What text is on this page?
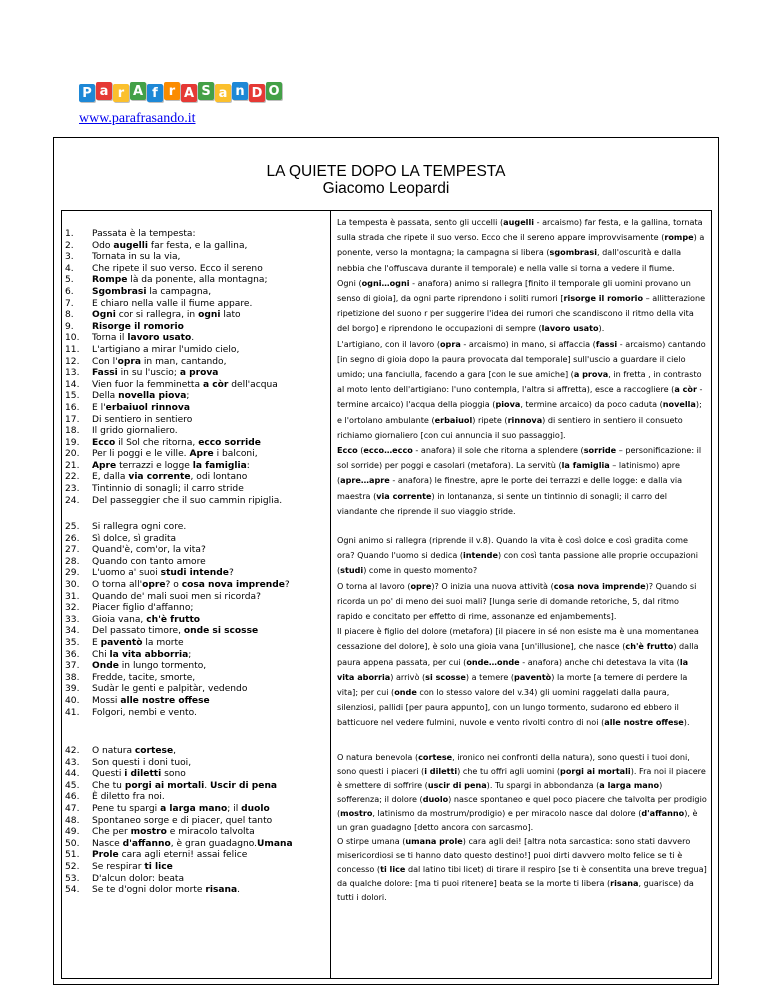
P a r A f r A S a n D O
www.parafrasando.it
LA QUIETE DOPO LA TEMPESTA
Giacomo Leopardi
1.	Passata è la tempesta:
2.	Odo augelli far festa, e la gallina,
3.	Tornata in su la via,
4.	Che ripete il suo verso. Ecco il sereno
5.	Rompe là da ponente, alla montagna;
6.	Sgombrasi la campagna,
7.	E chiaro nella valle il fiume appare.
8.	Ogni cor si rallegra, in ogni lato
9.	Risorge il romorio
10.	Torna il lavoro usato.
11.	L'artigiano a mirar l'umido cielo,
12.	Con l'opra in man, cantando,
13.	Fassi in su l'uscio; a prova
14.	Vien fuor la femminetta a còr dell'acqua
15.	Della novella piova;
16.	E l'erbaiuol rinnova
17.	Di sentiero in sentiero
18.	Il grido giornaliero.
19.	Ecco il Sol che ritorna, ecco sorride
20.	Per li poggi e le ville. Apre i balconi,
21.	Apre terrazzi e logge la famiglia:
22.	E, dalla via corrente, odi lontano
23.	Tintinnio di sonagli; il carro stride
24.	Del passeggier che il suo cammin ripiglia.

La tempesta è passata, sento gli uccelli (augelli - arcaismo) far festa, e la gallina, tornata sulla strada che ripete il suo verso. Ecco che il sereno appare improvvisamente (rompe) a ponente, verso la montagna; la campagna si libera (sgombrasi, dall'oscurità e dalla nebbia che l'offuscava durante il temporale) e nella valle si torna a vedere il fiume.

Ogni (ogni…ogni - anafora) animo si rallegra [finito il temporale gli uomini provano un senso di gioia], da ogni parte riprendono i soliti rumori [risorge il romorio – allitterazione ripetizione del suono r per suggerire l'idea dei rumori che scandiscono il ritmo della vita del borgo] e riprendono le occupazioni di sempre (lavoro usato).

L'artigiano, con il lavoro (opra - arcaismo) in mano, si affaccia (fassi - arcaismo) cantando [in segno di gioia dopo la paura provocata dal temporale] sull'uscio a guardare il cielo umido; una fanciulla, facendo a gara [con le sue amiche] (a prova, in fretta , in contrasto al moto lento dell'artigiano: l'uno contempla, l'altra si affretta), esce a raccogliere (a còr - termine arcaico) l'acqua della pioggia (piova, termine arcaico) da poco caduta (novella); e l'ortolano ambulante (erbaiuol) ripete (rinnova) di sentiero in sentiero il consueto richiamo giornaliero [con cui annuncia il suo passaggio].

Ecco (ecco…ecco - anafora) il sole che ritorna a splendere (sorride – personificazione: il sol sorride) per poggi e casolari (metafora). La servitù (la famiglia – latinismo) apre (apre…apre - anafora) le finestre, apre le porte dei terrazzi e delle logge: e dalla via maestra (via corrente) in lontananza, si sente un tintinnio di sonagli; il carro del viandante che riprende il suo viaggio stride.

25.	Si rallegra ogni core.
26.	Sì dolce, sì gradita
27.	Quand'è, com'or, la vita?
28.	Quando con tanto amore
29.	L'uomo a' suoi studi intende?
30.	O torna all'opre? o cosa nova imprende?
31.	Quando de' mali suoi men si ricorda?
32.	Piacer figlio d'affanno;
33.	Gioia vana, ch'è frutto
34.	Del passato timore, onde si scosse
35.	E paventò la morte
36.	Chi la vita abborria;
37.	Onde in lungo tormento,
38.	Fredde, tacite, smorte,
39.	Sudàr le genti e palpitàr, vedendo
40.	Mossi alle nostre offese
41.	Folgori, nembi e vento.

Ogni animo si rallegra (riprende il v.8). Quando la vita è così dolce e così gradita come ora? Quando l'uomo si dedica (intende) con così tanta passione alle proprie occupazioni (studi) come in questo momento?

O torna al lavoro (opre)? O inizia una nuova attività (cosa nova imprende)? Quando si ricorda un po' di meno dei suoi mali? [lunga serie di domande retoriche, 5, dal ritmo rapido e concitato per effetto di rime, assonanze ed enjambements].

Il piacere è figlio del dolore (metafora) [il piacere in sé non esiste ma è una momentanea cessazione del dolore], è solo una gioia vana [un'illusione], che nasce (ch'è frutto) dalla paura appena passata, per cui (onde…onde - anafora) anche chi detestava la vita (la vita aborria) arrivò (si scosse) a temere (paventò) la morte [a temere di perdere la vita]; per cui (onde con lo stesso valore del v.34) gli uomini raggelati dalla paura, silenziosi, pallidi [per paura appunto], con un lungo tormento, sudarono ed ebbero il batticuore nel vedere fulmini, nuvole e vento rivolti contro di noi (alle nostre offese).

42.	O natura cortese,
43.	Son questi i doni tuoi,
44.	Questi i diletti sono
45.	Che tu porgi ai mortali. Uscir di pena
46.	È diletto fra noi.
47.	Pene tu spargi a larga mano; il duolo
48.	Spontaneo sorge e di piacer, quel tanto
49.	Che per mostro e miracolo talvolta
50.	Nasce d'affanno, è gran guadagno.Umana
51.	Prole cara agli eterni! assai felice
52.	Se respirar ti lice
53.	D'alcun dolor: beata
54.	Se te d'ogni dolor morte risana.

O natura benevola (cortese, ironico nei confronti della natura), sono questi i tuoi doni, sono questi i piaceri (i diletti) che tu offri agli uomini (porgi ai mortali). Fra noi il piacere è smettere di soffrire (uscir di pena). Tu spargi in abbondanza (a larga mano) sofferenza; il dolore (duolo) nasce spontaneo e quel poco piacere che talvolta per prodigio (mostro, latinismo da mostrum/prodigio) e per miracolo nasce dal dolore (d'affanno), è un gran guadagno [detto ancora con sarcasmo].

O stirpe umana (umana prole) cara agli dei! [altra nota sarcastica: sono stati davvero misericordiosi se ti hanno dato questo destino!] puoi dirti davvero molto felice se ti è concesso (ti lice dal latino tibi licet) di tirare il respiro [se ti è consentita una breve tregua] da qualche dolore: [ma ti puoi ritenere] beata se la morte ti libera (risana, guarisce) da tutti i dolori.
